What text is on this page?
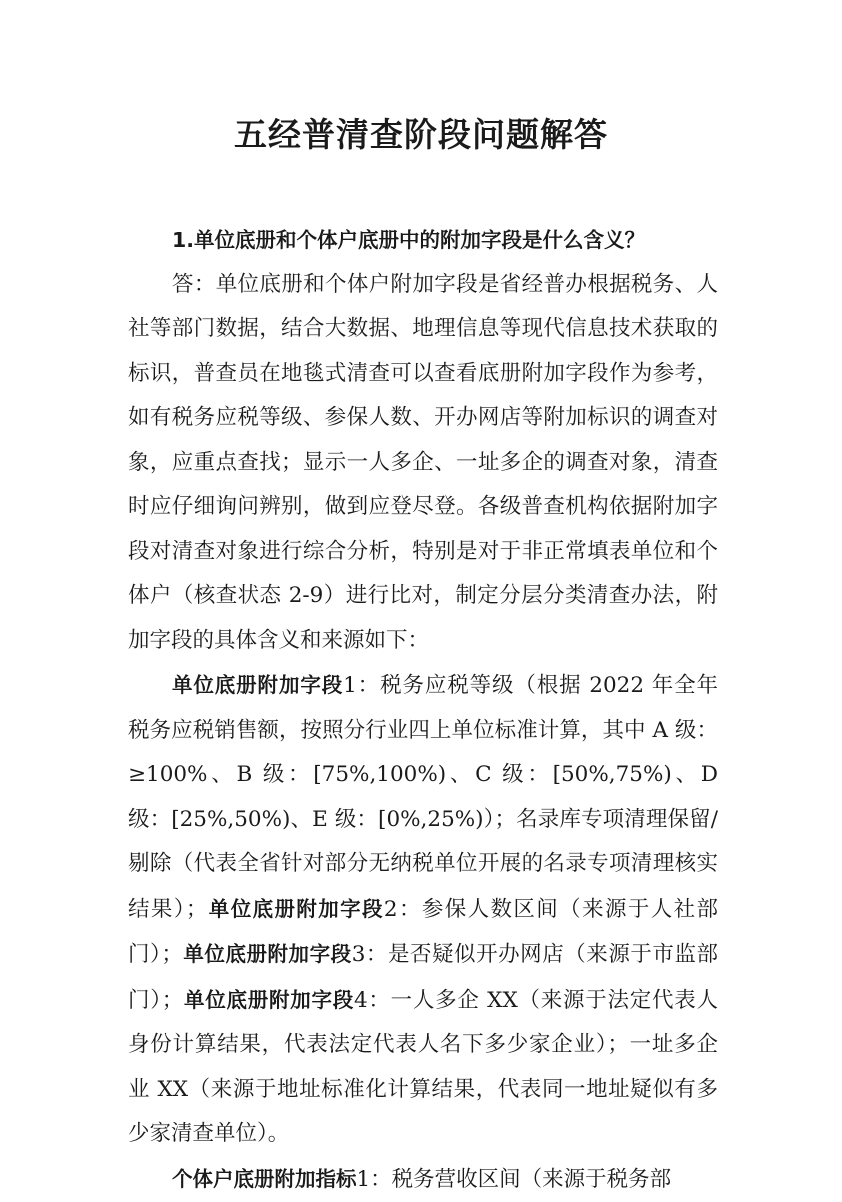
五经普清查阶段问题解答

1.单位底册和个体户底册中的附加字段是什么含义？

答：单位底册和个体户附加字段是省经普办根据税务、人社等部门数据，结合大数据、地理信息等现代信息技术获取的标识，普查员在地毯式清查可以查看底册附加字段作为参考，如有税务应税等级、参保人数、开办网店等附加标识的调查对象，应重点查找；显示一人多企、一址多企的调查对象，清查时应仔细询问辨别，做到应登尽登。各级普查机构依据附加字段对清查对象进行综合分析，特别是对于非正常填表单位和个体户（核查状态 2-9）进行比对，制定分层分类清查办法，附加字段的具体含义和来源如下：

单位底册附加字段1：税务应税等级（根据 2022 年全年税务应税销售额，按照分行业四上单位标准计算，其中 A 级：≥100%、B 级：[75%,100%)、C 级：[50%,75%)、D 级：[25%,50%)、E 级：[0%,25%)）；名录库专项清理保留/剔除（代表全省针对部分无纳税单位开展的名录专项清理核实结果）；单位底册附加字段2：参保人数区间（来源于人社部门）；单位底册附加字段3：是否疑似开办网店（来源于市监部门）；单位底册附加字段4：一人多企 XX（来源于法定代表人身份计算结果，代表法定代表人名下多少家企业）；一址多企业 XX（来源于地址标准化计算结果，代表同一地址疑似有多少家清查单位）。

个体户底册附加指标1：税务营收区间（来源于税务部
